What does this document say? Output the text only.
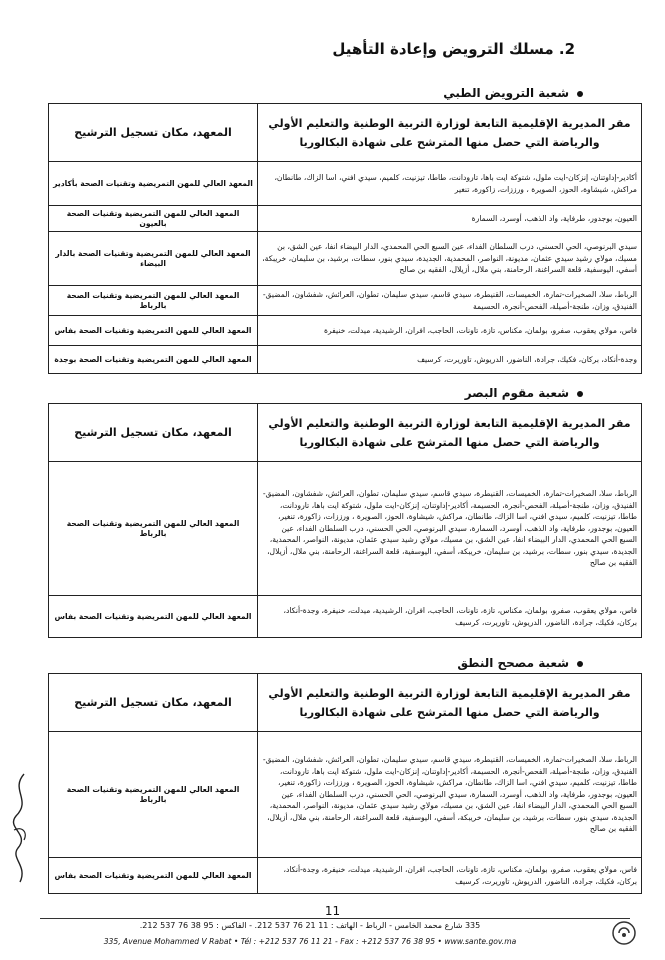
2. مسلك الترويض وإعادة التأهيل
شعبة الترويض الطبي
مقر المديرية الإقليمية التابعة لوزارة التربية الوطنية والتعليم الأولي والرياضة التي حصل منها المترشح على شهادة البكالوريا	المعهد، مكان تسجيل الترشيح
أكادير-إداوتنان، إنزكان-ايت ملول، شتوكة ايت باها، تارودانت، طاطا، تيزنيت، كلميم، سيدي افني، اسا الزاك، طانطان، مراكش، شيشاوة، الحوز، الصويرة ، ورززات، زاكورة، تنغير	المعهد العالي للمهن التمريضية وتقنيات الصحة بأكادير
العيون، بوجدور، طرفاية، واد الذهب، أوسرد، السمارة	المعهد العالي للمهن التمريضية وتقنيات الصحة بالعيون
سيدي البرنوصي، الحي الحسني، درب السلطان الفداء، عين السبع الحي المحمدي، الدار البيضاء انفا، عين الشق، بن مسيك، مولاي رشيد سيدي عثمان، مديونة، النواصر، المحمدية، الجديدة، سيدي بنور، سطات، برشيد، بن سليمان، خريبكة، أسفي، اليوسفية، قلعة السراغنة، الرحامنة، بني ملال، أزيلال، الفقيه بن صالح	المعهد العالي للمهن التمريضية وتقنيات الصحة بالدار البيضاء
الرباط، سلا، الصخيرات-تمارة، الخميسات، القنيطرة، سيدي قاسم، سيدي سليمان، تطوان، العرائش، شفشاون، المضيق-الفنيدق، وزان، طنجة-أصيلة، الفحص-أنجرة، الحسيمة	المعهد العالي للمهن التمريضية وتقنيات الصحة بالرباط
فاس، مولاي يعقوب، صفرو، بولمان، مكناس، تازة، تاونات، الحاجب، افران، الرشيدية، ميدلت، خنيفرة	المعهد العالي للمهن التمريضية وتقنيات الصحة بفاس
وجدة-أنكاد، بركان، فكيك، جرادة، الناضور، الدريوش، تاوريرت، كرسيف	المعهد العالي للمهن التمريضية وتقنيات الصحة بوجدة
شعبة مقوم البصر
مقر المديرية الإقليمية التابعة لوزارة التربية الوطنية والتعليم الأولي والرياضة التي حصل منها المترشح على شهادة البكالوريا	المعهد، مكان تسجيل الترشيح
الرباط، سلا، الصخيرات-تمارة، الخميسات، القنيطرة، سيدي قاسم، سيدي سليمان، تطوان، العرائش، شفشاون، المضيق-الفنيدق، وزان، طنجة-أصيلة، الفحص-أنجرة، الحسيمة، أكادير-إداوتنان، إنزكان-ايت ملول، شتوكة ايت باها، تارودانت، طاطا، تيزنيت، كلميم، سيدي افني، اسا الزاك، طانطان، مراكش، شيشاوة، الحوز، الصويرة ، ورززات، زاكورة، تنغير، العيون، بوجدور، طرفاية، واد الذهب، أوسرد، السمارة، سيدي البرنوصي، الحي الحسني، درب السلطان الفداء، عين السبع الحي المحمدي، الدار البيضاء انفا، عين الشق، بن مسيك، مولاي رشيد سيدي عثمان، مديونة، النواصر، المحمدية، الجديدة، سيدي بنور، سطات، برشيد، بن سليمان، خريبكة، أسفي، اليوسفية، قلعة السراغنة، الرحامنة، بني ملال، أزيلال، الفقيه بن صالح	المعهد العالي للمهن التمريضية وتقنيات الصحة بالرباط
فاس، مولاي يعقوب، صفرو، بولمان، مكناس، تازة، تاونات، الحاجب، افران، الرشيدية، ميدلت، خنيفرة، وجدة-أنكاد، بركان، فكيك، جرادة، الناضور، الدريوش، تاوريرت، كرسيف	المعهد العالي للمهن التمريضية وتقنيات الصحة بفاس
شعبة مصحح النطق
مقر المديرية الإقليمية التابعة لوزارة التربية الوطنية والتعليم الأولي والرياضة التي حصل منها المترشح على شهادة البكالوريا	المعهد، مكان تسجيل الترشيح
الرباط، سلا، الصخيرات-تمارة، الخميسات، القنيطرة، سيدي قاسم، سيدي سليمان، تطوان، العرائش، شفشاون، المضيق-الفنيدق، وزان، طنجة-أصيلة، الفحص-أنجرة، الحسيمة، أكادير-إداوتنان، إنزكان-ايت ملول، شتوكة ايت باها، تارودانت، طاطا، تيزنيت، كلميم، سيدي افني، اسا الزاك، طانطان، مراكش، شيشاوة، الحوز، الصويرة ، ورززات، زاكورة، تنغير، العيون، بوجدور، طرفاية، واد الذهب، أوسرد، السمارة، سيدي البرنوصي، الحي الحسني، درب السلطان الفداء، عين السبع الحي المحمدي، الدار البيضاء انفا، عين الشق، بن مسيك، مولاي رشيد سيدي عثمان، مديونة، النواصر، المحمدية، الجديدة، سيدي بنور، سطات، برشيد، بن سليمان، خريبكة، أسفي، اليوسفية، قلعة السراغنة، الرحامنة، بني ملال، أزيلال، الفقيه بن صالح	المعهد العالي للمهن التمريضية وتقنيات الصحة بالرباط
فاس، مولاي يعقوب، صفرو، بولمان، مكناس، تازة، تاونات، الحاجب، افران، الرشيدية، ميدلت، خنيفرة، وجدة-أنكاد، بركان، فكيك، جرادة، الناضور، الدريوش، تاوريرت، كرسيف	المعهد العالي للمهن التمريضية وتقنيات الصحة بفاس
11
335 شارع محمد الخامس - الرباط - الهاتف : 11 21 76 537 212. - الفاكس : 95 38 76 537 212.
335, Avenue Mohammed V Rabat • Tél : +212 537 76 11 21 - Fax : +212 537 76 38 95 • www.sante.gov.ma
